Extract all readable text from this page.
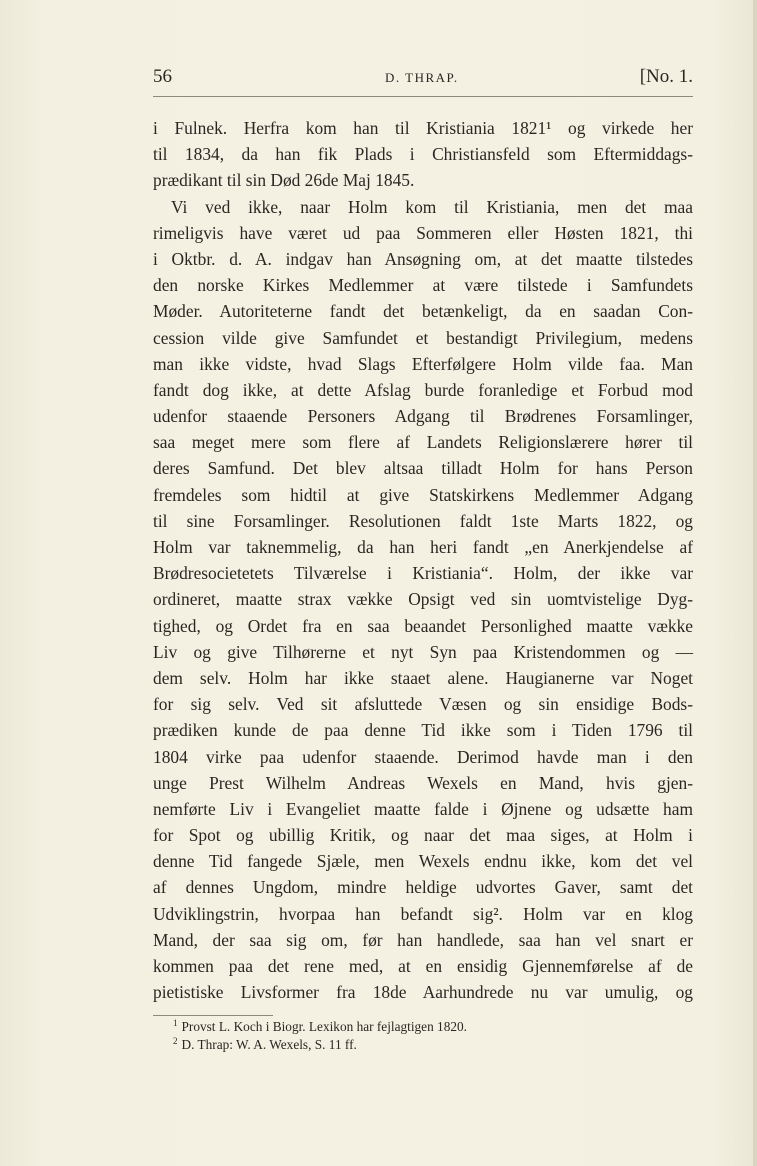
56	D. THRAP.	[No. 1.
i Fulnek. Herfra kom han til Kristiania 1821¹ og virkede her
til 1834, da han fik Plads i Christiansfeld som Eftermiddags-
prædikant til sin Død 26de Maj 1845.
Vi ved ikke, naar Holm kom til Kristiania, men det maa
rimeligvis have været ud paa Sommeren eller Høsten 1821, thi
i Oktbr. d. A. indgav han Ansøgning om, at det maatte tilstedes
den norske Kirkes Medlemmer at være tilstede i Samfundets
Møder. Autoriteterne fandt det betænkeligt, da en saadan Con-
cession vilde give Samfundet et bestandigt Privilegium, medens
man ikke vidste, hvad Slags Efterfølgere Holm vilde faa. Man
fandt dog ikke, at dette Afslag burde foranledige et Forbud mod
udenfor staaende Personers Adgang til Brødrenes Forsamlinger,
saa meget mere som flere af Landets Religionslærere hører til
deres Samfund. Det blev altsaa tilladt Holm for hans Person
fremdeles som hidtil at give Statskirkens Medlemmer Adgang
til sine Forsamlinger. Resolutionen faldt 1ste Marts 1822, og
Holm var taknemmelig, da han heri fandt „en Anerkjendelse af
Brødresocietetets Tilværelse i Kristiania“. Holm, der ikke var
ordineret, maatte strax vække Opsigt ved sin uomtvistelige Dyg-
tighed, og Ordet fra en saa beaandet Personlighed maatte vække
Liv og give Tilhørerne et nyt Syn paa Kristendommen og —
dem selv. Holm har ikke staaet alene. Haugianerne var Noget
for sig selv. Ved sit afsluttede Væsen og sin ensidige Bods-
prædiken kunde de paa denne Tid ikke som i Tiden 1796 til
1804 virke paa udenfor staaende. Derimod havde man i den
unge Prest Wilhelm Andreas Wexels en Mand, hvis gjen-
nemførte Liv i Evangeliet maatte falde i Øjnene og udsætte ham
for Spot og ubillig Kritik, og naar det maa siges, at Holm i
denne Tid fangede Sjæle, men Wexels endnu ikke, kom det vel
af dennes Ungdom, mindre heldige udvortes Gaver, samt det
Udviklingstrin, hvorpaa han befandt sig². Holm var en klog
Mand, der saa sig om, før han handlede, saa han vel snart er
kommen paa det rene med, at en ensidig Gjennemførelse af de
pietistiske Livsformer fra 18de Aarhundrede nu var umulig, og
$^1$ Provst L. Koch i Biogr. Lexikon har fejlagtigen 1820.
$^2$ D. Thrap: W. A. Wexels, S. 11 ff.
